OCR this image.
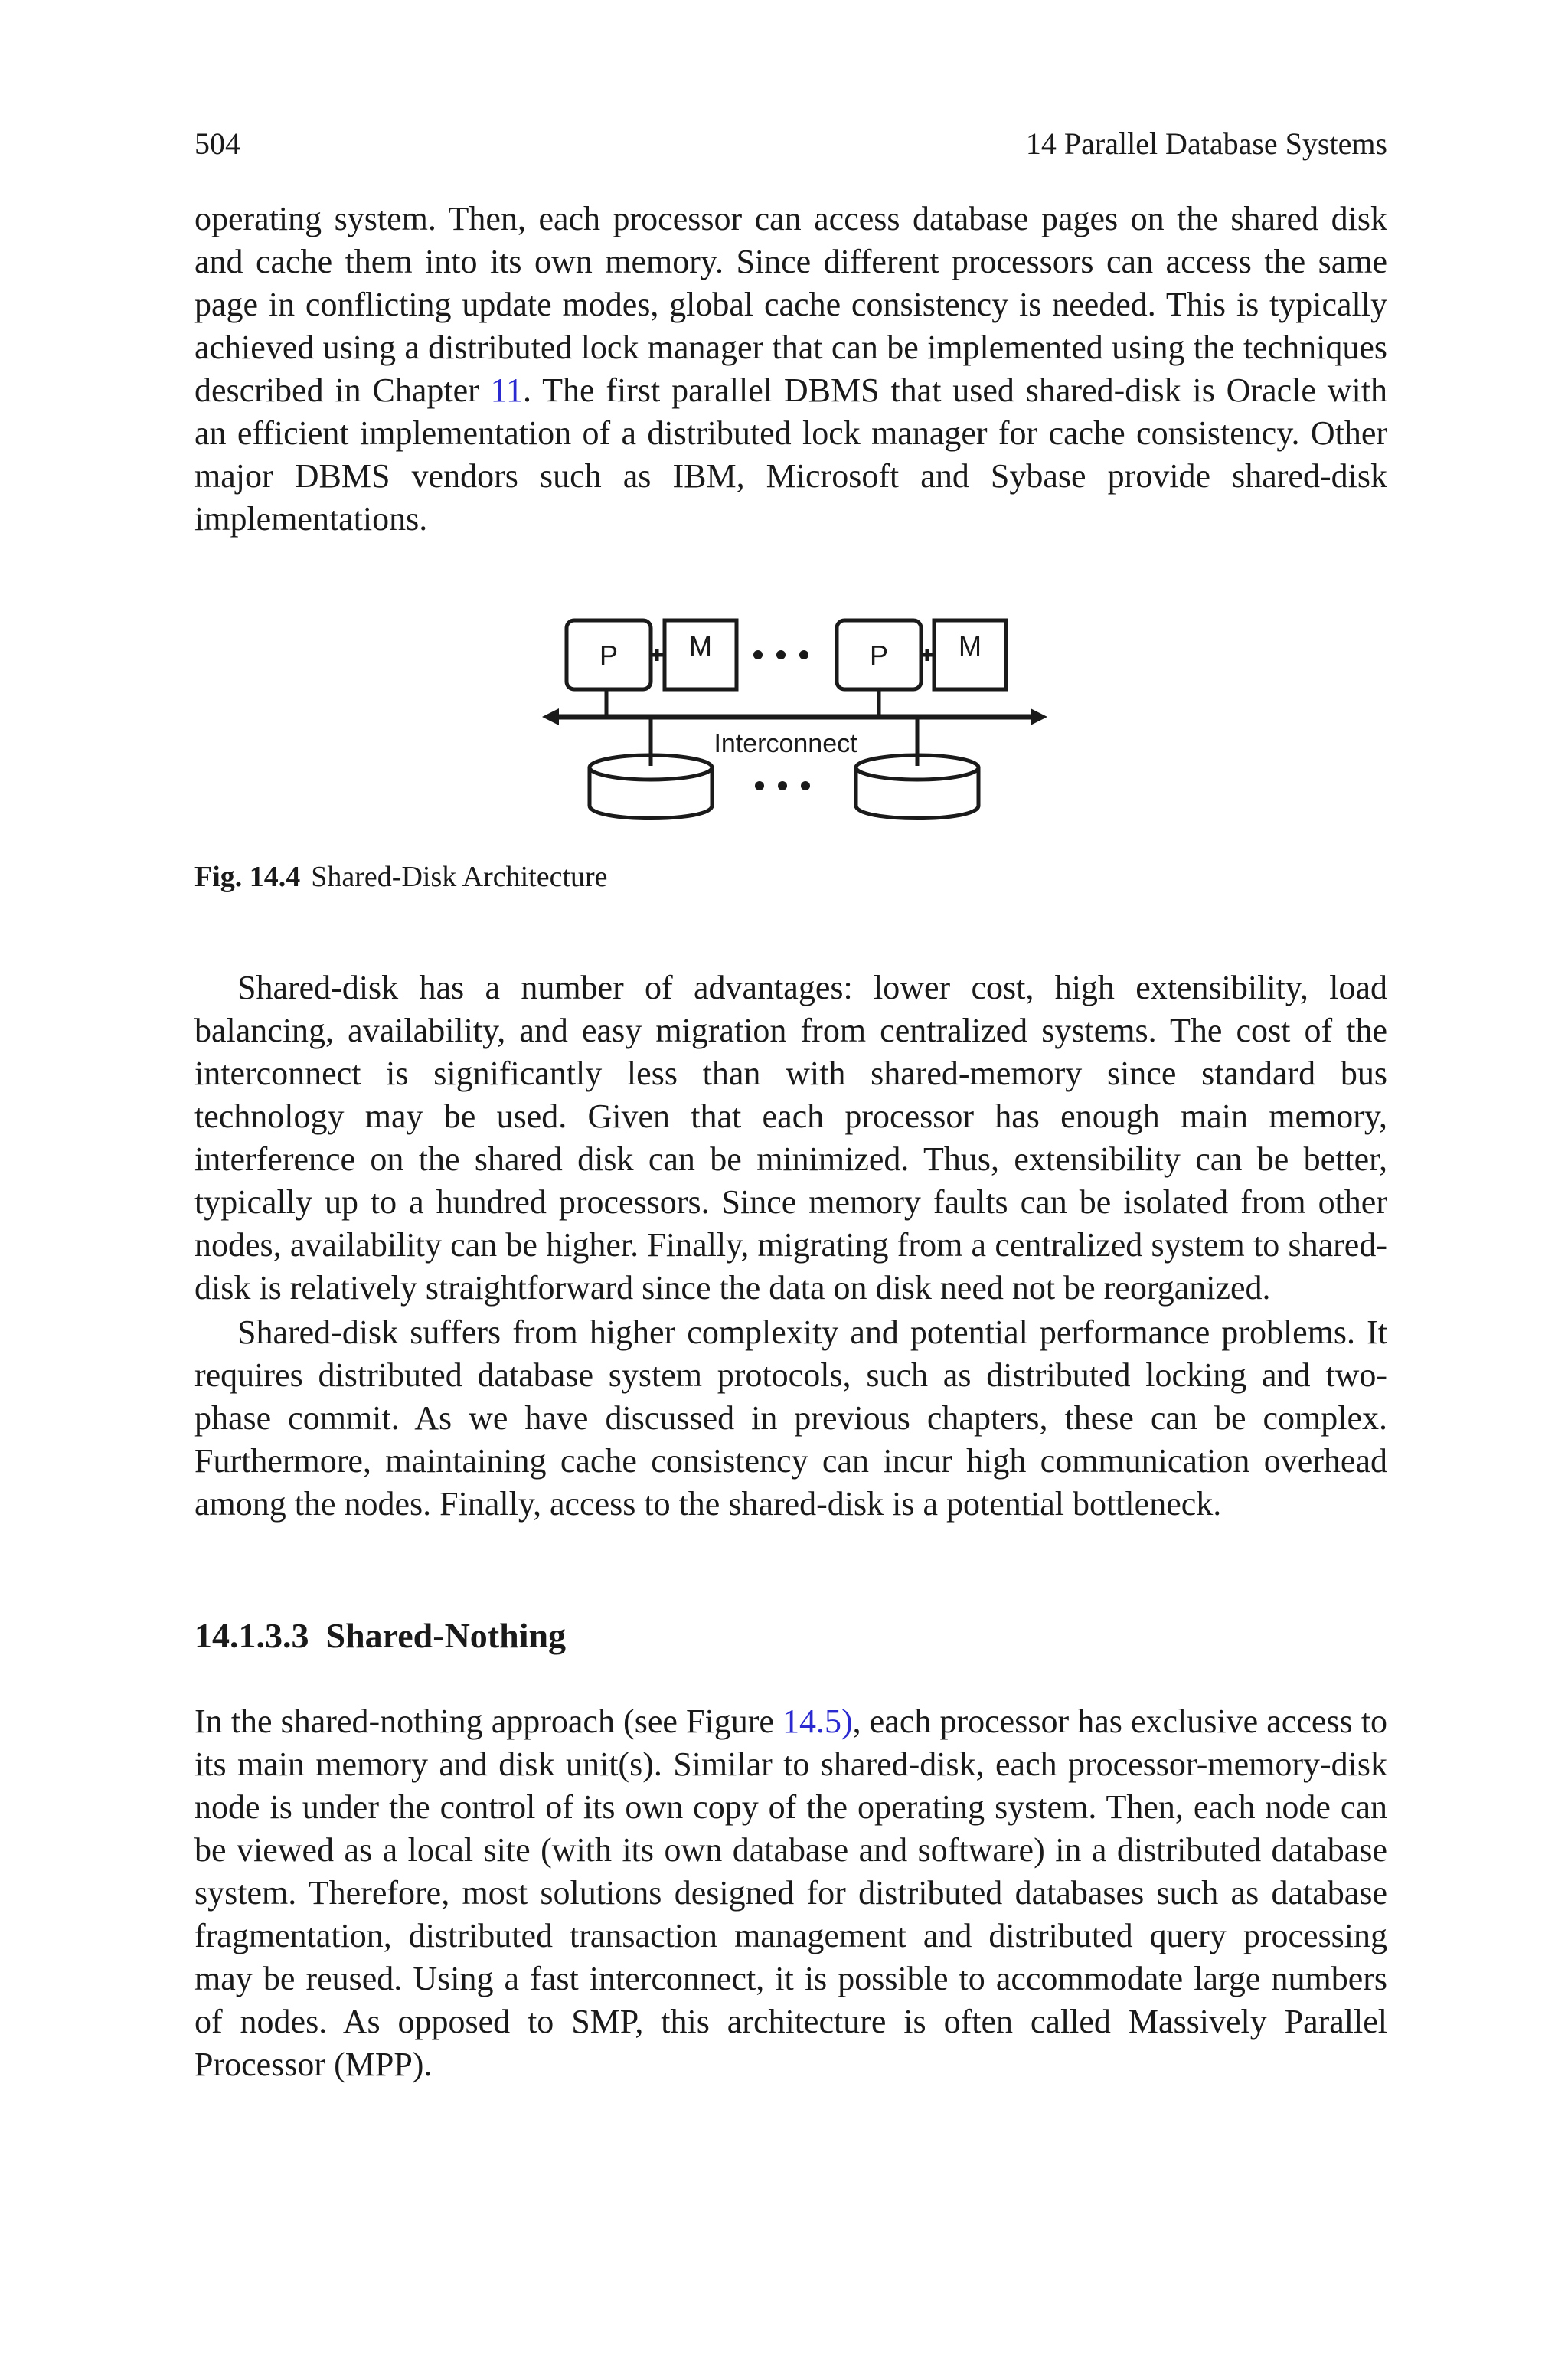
504	14 Parallel Database Systems

operating system. Then, each processor can access database pages on the shared disk and cache them into its own memory. Since different processors can access the same page in conflicting update modes, global cache consistency is needed. This is typically achieved using a distributed lock manager that can be implemented using the techniques described in Chapter 11. The first parallel DBMS that used shared-disk is Oracle with an efficient implementation of a distributed lock manager for cache consistency. Other major DBMS vendors such as IBM, Microsoft and Sybase provide shared-disk implementations.

P	M	P	M
Interconnect

Fig. 14.4 Shared-Disk Architecture

Shared-disk has a number of advantages: lower cost, high extensibility, load balancing, availability, and easy migration from centralized systems. The cost of the interconnect is significantly less than with shared-memory since standard bus technology may be used. Given that each processor has enough main memory, interference on the shared disk can be minimized. Thus, extensibility can be better, typically up to a hundred processors. Since memory faults can be isolated from other nodes, availability can be higher. Finally, migrating from a centralized system to shared-disk is relatively straightforward since the data on disk need not be reorganized.

Shared-disk suffers from higher complexity and potential performance problems. It requires distributed database system protocols, such as distributed locking and two-phase commit. As we have discussed in previous chapters, these can be complex. Furthermore, maintaining cache consistency can incur high communication overhead among the nodes. Finally, access to the shared-disk is a potential bottleneck.

14.1.3.3 Shared-Nothing

In the shared-nothing approach (see Figure 14.5), each processor has exclusive access to its main memory and disk unit(s). Similar to shared-disk, each processor-memory-disk node is under the control of its own copy of the operating system. Then, each node can be viewed as a local site (with its own database and software) in a distributed database system. Therefore, most solutions designed for distributed databases such as database fragmentation, distributed transaction management and distributed query processing may be reused. Using a fast interconnect, it is possible to accommodate large numbers of nodes. As opposed to SMP, this architecture is often called Massively Parallel Processor (MPP).
